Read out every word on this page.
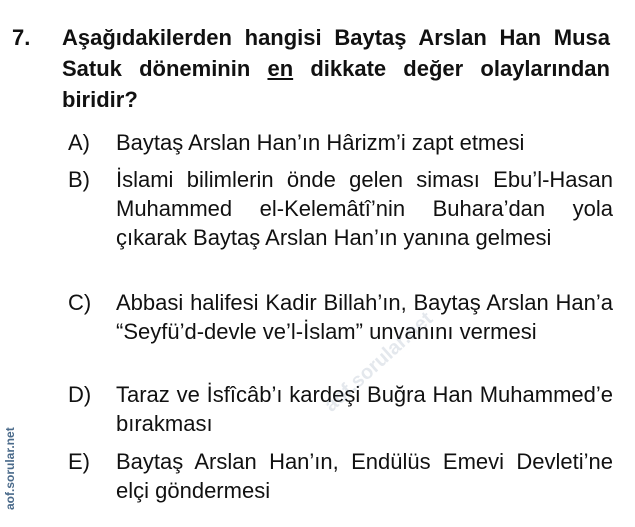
7. Aşağıdakilerden hangisi Baytaş Arslan Han Musa Satuk döneminin en dikkate değer olaylarından biridir?
A)	Baytaş Arslan Han’ın Hârizm’i zapt etmesi
B)	İslami bilimlerin önde gelen siması Ebu’l-Hasan Muhammed el-Kelemâtî’nin Buhara’dan yola çıkarak Baytaş Arslan Han’ın yanına gelmesi
C)	Abbasi halifesi Kadir Billah’ın, Baytaş Arslan Han’a “Seyfü’d-devle ve’l-İslam” unvanını vermesi
D)	Taraz ve İsfîcâb’ı kardeşi Buğra Han Muhammed’e bırakması
E)	Baytaş Arslan Han’ın, Endülüs Emevi Devleti’ne elçi göndermesi
aof.sorular.net
aof.sorular.net
